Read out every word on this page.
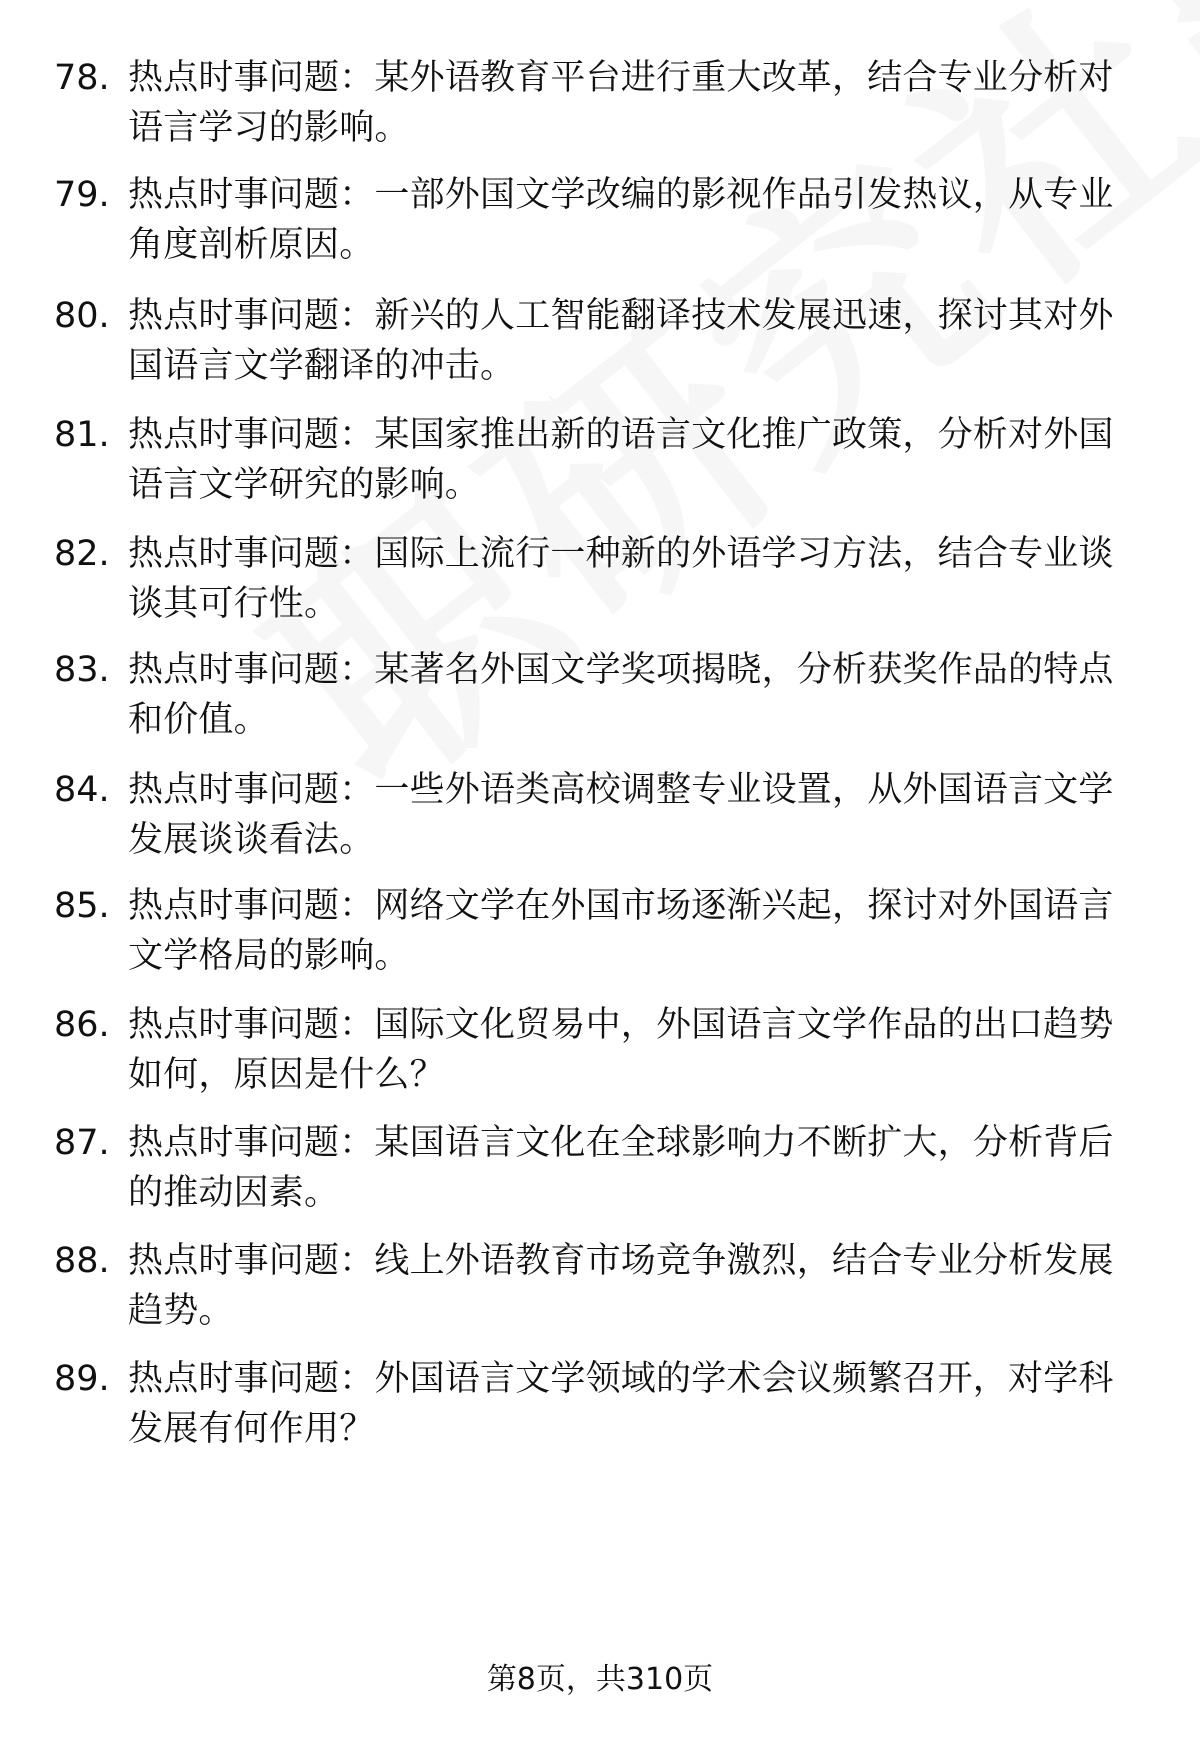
78. 热点时事问题：某外语教育平台进行重大改革，结合专业分析对语言学习的影响。
79. 热点时事问题：一部外国文学改编的影视作品引发热议，从专业角度剖析原因。
80. 热点时事问题：新兴的人工智能翻译技术发展迅速，探讨其对外国语言文学翻译的冲击。
81. 热点时事问题：某国家推出新的语言文化推广政策，分析对外国语言文学研究的影响。
82. 热点时事问题：国际上流行一种新的外语学习方法，结合专业谈谈其可行性。
83. 热点时事问题：某著名外国文学奖项揭晓，分析获奖作品的特点和价值。
84. 热点时事问题：一些外语类高校调整专业设置，从外国语言文学发展谈谈看法。
85. 热点时事问题：网络文学在外国市场逐渐兴起，探讨对外国语言文学格局的影响。
86. 热点时事问题：国际文化贸易中，外国语言文学作品的出口趋势如何，原因是什么？
87. 热点时事问题：某国语言文化在全球影响力不断扩大，分析背后的推动因素。
88. 热点时事问题：线上外语教育市场竞争激烈，结合专业分析发展趋势。
89. 热点时事问题：外国语言文学领域的学术会议频繁召开，对学科发展有何作用？
第8页，共310页
